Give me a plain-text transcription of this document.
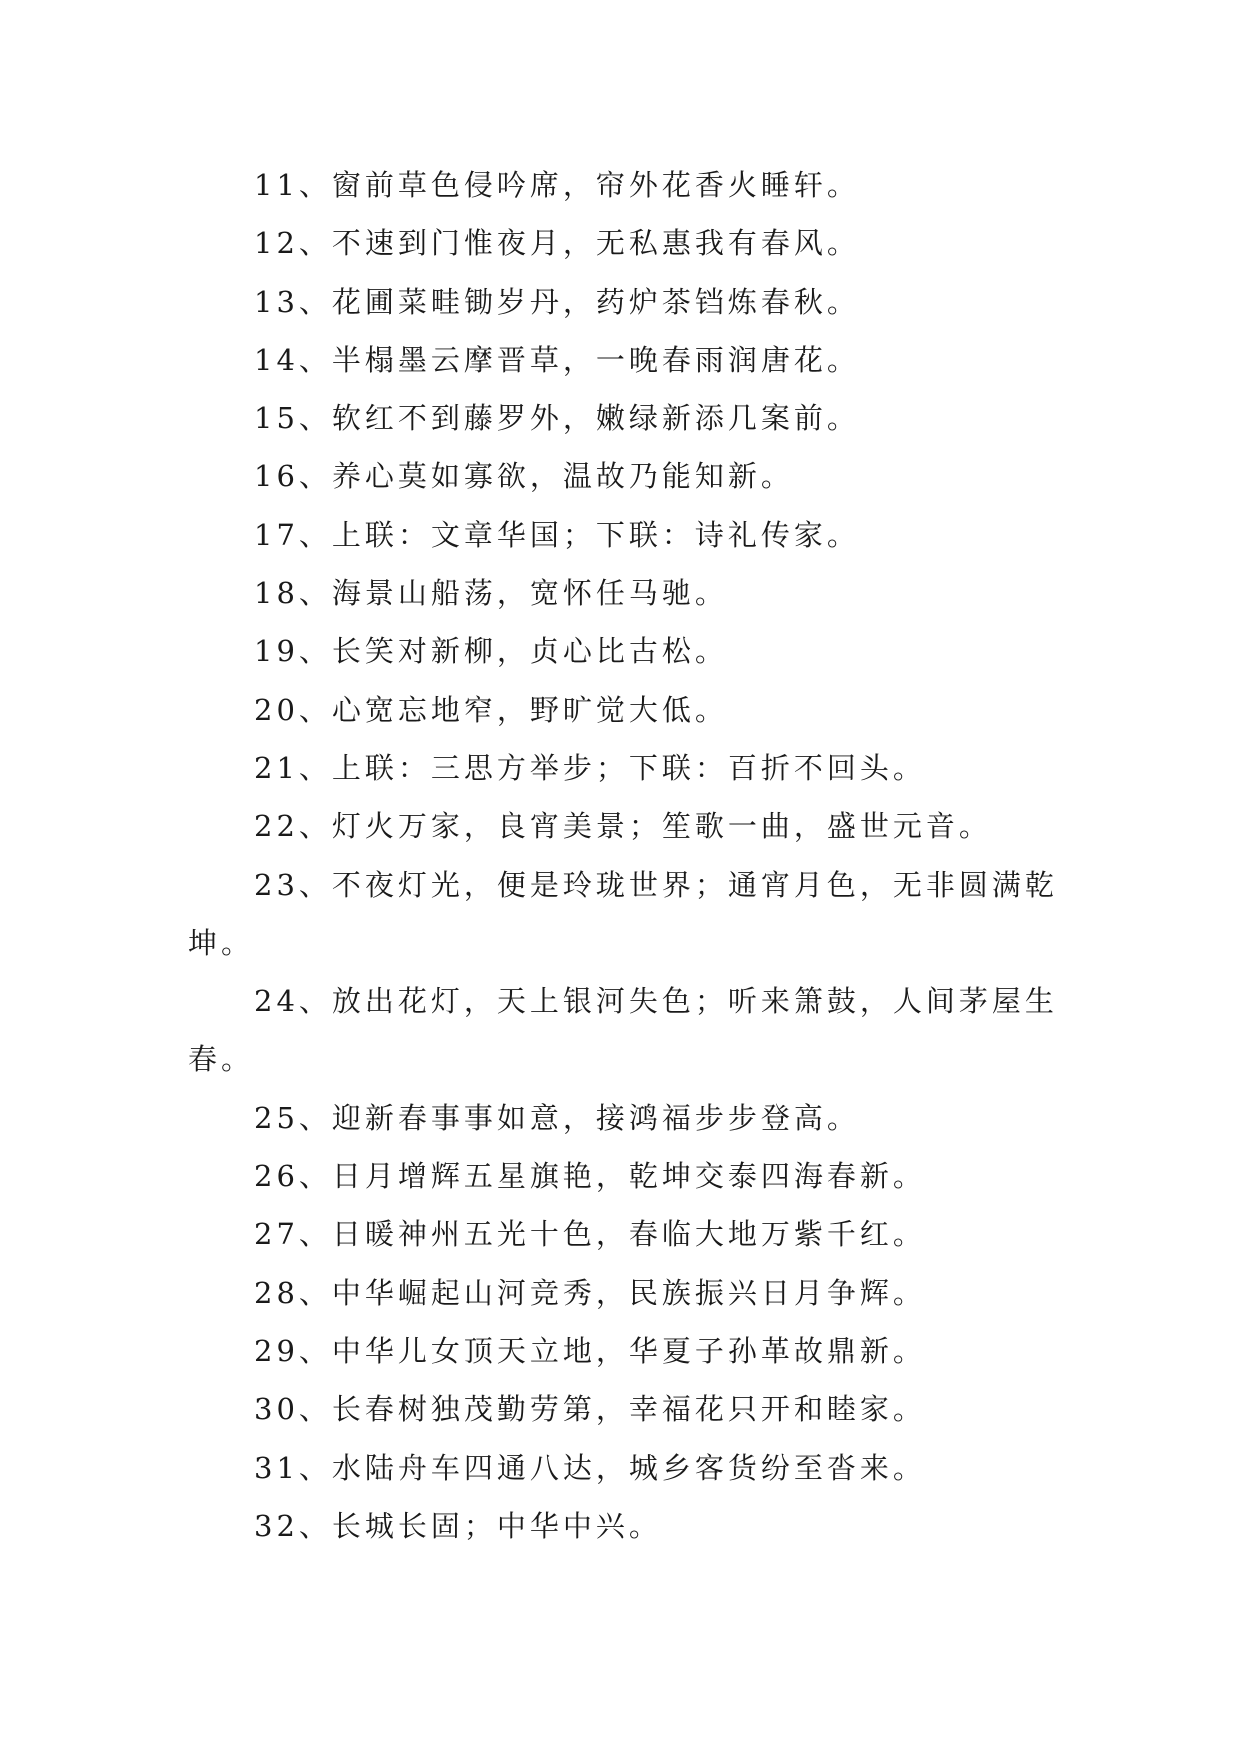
11、窗前草色侵吟席，帘外花香火睡轩。

12、不速到门惟夜月，无私惠我有春风。

13、花圃菜畦锄岁丹，药炉茶铛炼春秋。

14、半榻墨云摩晋草，一晚春雨润唐花。

15、软红不到藤罗外，嫩绿新添几案前。

16、养心莫如寡欲，温故乃能知新。

17、上联：文章华国；下联：诗礼传家。

18、海景山船荡，宽怀任马驰。

19、长笑对新柳，贞心比古松。

20、心宽忘地窄，野旷觉大低。

21、上联：三思方举步；下联：百折不回头。

22、灯火万家，良宵美景；笙歌一曲，盛世元音。

23、不夜灯光，便是玲珑世界；通宵月色，无非圆满乾坤。

24、放出花灯，天上银河失色；听来箫鼓，人间茅屋生春。

25、迎新春事事如意，接鸿福步步登高。

26、日月增辉五星旗艳，乾坤交泰四海春新。

27、日暖神州五光十色，春临大地万紫千红。

28、中华崛起山河竞秀，民族振兴日月争辉。

29、中华儿女顶天立地，华夏子孙革故鼎新。

30、长春树独茂勤劳第，幸福花只开和睦家。

31、水陆舟车四通八达，城乡客货纷至沓来。

32、长城长固；中华中兴。
